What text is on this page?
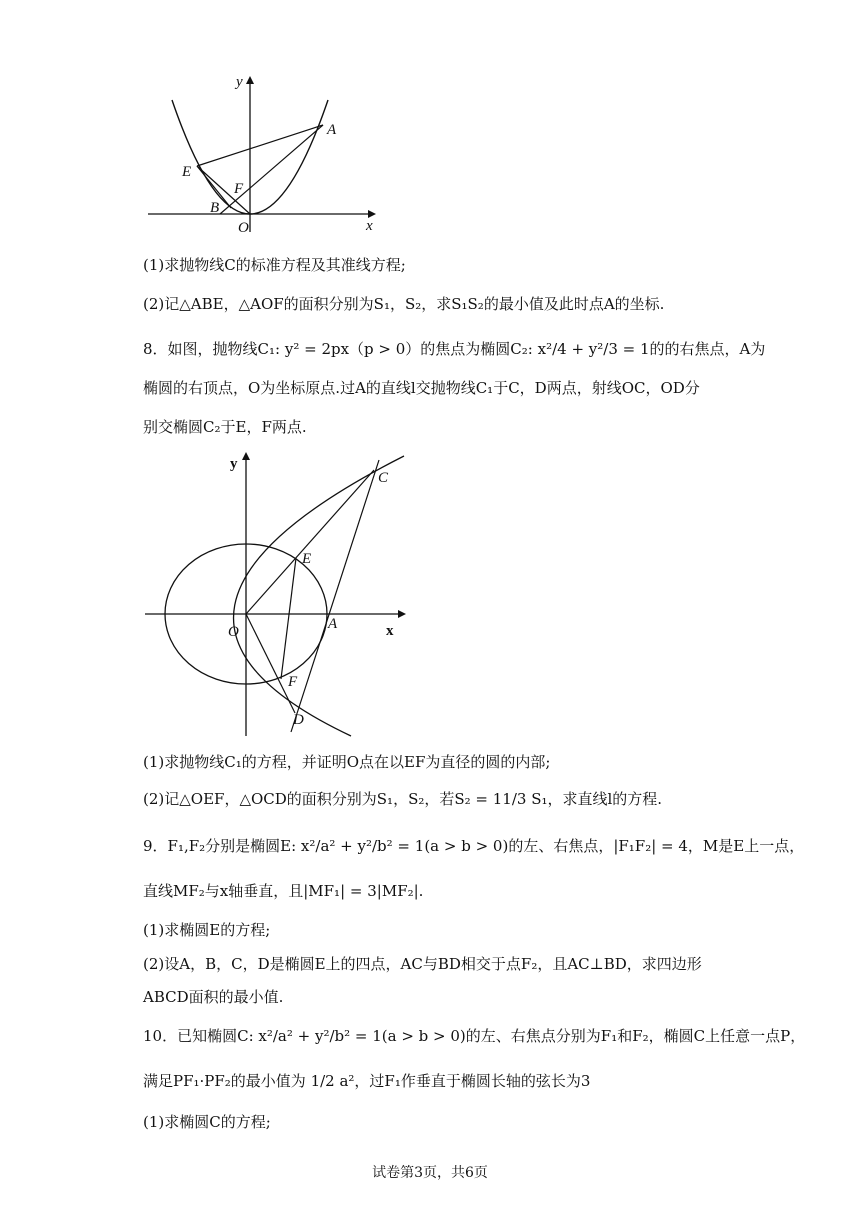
y
x
A
E
F
B
O
(1)求抛物线C的标准方程及其准线方程;
(2)记△ABE，△AOF的面积分别为S₁，S₂，求S₁S₂的最小值及此时点A的坐标.
8．如图，抛物线C₁: y² = 2px（p > 0）的焦点为椭圆C₂: x²/4 + y²/3 = 1的的右焦点，A为
椭圆的右顶点，O为坐标原点.过A的直线l交抛物线C₁于C，D两点，射线OC，OD分
别交椭圆C₂于E，F两点.
y
x
C
E
O	A
F
D
(1)求抛物线C₁的方程，并证明O点在以EF为直径的圆的内部;
(2)记△OEF，△OCD的面积分别为S₁，S₂，若S₂ = 11/3 S₁，求直线l的方程.
9．F₁,F₂分别是椭圆E: x²/a² + y²/b² = 1(a > b > 0)的左、右焦点，|F₁F₂| = 4，M是E上一点，
直线MF₂与x轴垂直，且|MF₁| = 3|MF₂|.
(1)求椭圆E的方程;
(2)设A，B，C，D是椭圆E上的四点，AC与BD相交于点F₂，且AC⊥BD，求四边形
ABCD面积的最小值.
10．已知椭圆C: x²/a² + y²/b² = 1(a > b > 0)的左、右焦点分别为F₁和F₂，椭圆C上任意一点P，
满足PF₁·PF₂的最小值为 1/2 a²，过F₁作垂直于椭圆长轴的弦长为3
(1)求椭圆C的方程;
试卷第3页，共6页
